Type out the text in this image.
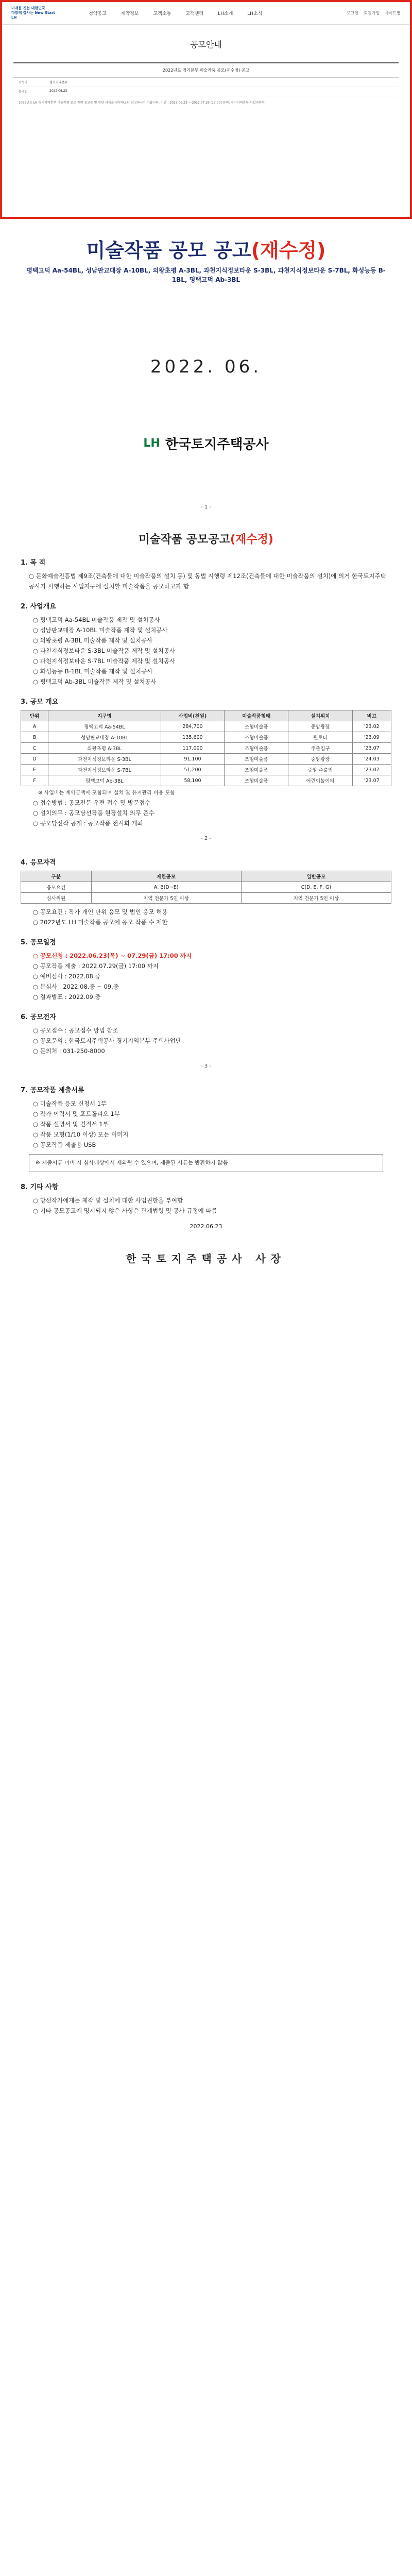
미래를 짓는 대한민국
다함께 잘사는 New Start LH
청약공고	계약정보	고객소통	고객센터	LH소개	LH소식	로그인 회원가입 사이트맵
공모안내
2022년도 경기본부 미술작품 공모(재수정) 공고
작성자	경기지역본부
등록일	2022.06.23
2022년도 LH 경기지역본부 미술작품 공모 관련 공고문 및 관련 서식을 첨부하오니 참고하시기 바랍니다. 기간 : 2022.06.23 ~ 2022.07.29 (17:00) 문의: 경기지역본부 사업지원부
미술작품 공모 공고(재수정)
평택고덕 Aa-54BL, 성남판교대장 A-10BL, 의왕초평 A-3BL, 과천지식정보타운 S-3BL, 과천지식정보타운 S-7BL, 화성능동 B-1BL, 평택고덕 Ab-3BL
2022. 06.
LH 한국토지주택공사
- 1 -
미술작품 공모공고(재수정)
1. 목 적
○ 문화예술진흥법 제9조(건축물에 대한 미술작품의 설치 등) 및 동법 시행령 제12조(건축물에 대한 미술작품의 설치)에 의거 한국토지주택공사가 시행하는 사업지구에 설치할 미술작품을 공모하고자 함
2. 사업개요
○ 평택고덕 Aa-54BL 미술작품 제작 및 설치공사
○ 성남판교대장 A-10BL 미술작품 제작 및 설치공사
○ 의왕초평 A-3BL 미술작품 제작 및 설치공사
○ 과천지식정보타운 S-3BL 미술작품 제작 및 설치공사
○ 과천지식정보타운 S-7BL 미술작품 제작 및 설치공사
○ 화성능동 B-1BL 미술작품 제작 및 설치공사
○ 평택고덕 Ab-3BL 미술작품 제작 및 설치공사
3. 공모 개요
단위	지구명	사업비(천원)	미술작품형태	설치위치	비고
A	평택고덕 Aa-54BL	284,700	조형미술품	중앙광장	'23.02
B	성남판교대장 A-10BL	135,600	조형미술품	필로티	'23.09
C	의왕초평 A-3BL	117,000	조형미술품	주출입구	'23.07
D	과천지식정보타운 S-3BL	91,100	조형미술품	중앙광장	'24.03
E	과천지식정보타운 S-7BL	51,200	조형미술품	중앙 주출입	'23.07
F	평택고덕 Ab-3BL	58,100	조형미술품	어린이놀이터	'23.07
※ 사업비는 계약금액에 포함되며 설치 및 유지관리 비용 포함
○ 접수방법 : 공모전문 우편 접수 및 방문접수
○ 설치의무 : 공모당선작품 현장설치 의무 준수
○ 공모당선작 공개 : 공모작품 전시회 개최
- 2 -
4. 응모자격
구분	제한공모	일반공모
응모요건	A, B(D~E)	C(D, E, F, G)
심사위원	지역 전문가 5인 이상	지역 전문가 5인 이상
○ 공모요건 : 작가 개인 단위 응모 및 법인 응모 허용
○ 2022년도 LH 미술작품 공모에 응모 작품 수 제한
5. 공모일정
○ 공모신청 : 2022.06.23(목) ~ 07.29(금) 17:00 까지
○ 공모작품 제출 : 2022.07.29(금) 17:00 까지
○ 예비심사 : 2022.08.중
○ 본심사 : 2022.08.중 ~ 09.중
○ 결과발표 : 2022.09.중
6. 공모전자
○ 공모접수 : 공모접수 방법 참조
○ 공모문의 : 한국토지주택공사 경기지역본부 주택사업단
○ 문의처 : 031-250-8000
- 3 -
7. 공모작품 제출서류
○ 미술작품 응모 신청서 1부
○ 작가 이력서 및 포트폴리오 1부
○ 작품 설명서 및 견적서 1부
○ 작품 모형(1/10 이상) 또는 이미지
○ 공모작품 제출용 USB
※ 제출서류 미비 시 심사대상에서 제외될 수 있으며, 제출된 서류는 반환하지 않음
8. 기타 사항
○ 당선작가에게는 제작 및 설치에 대한 사업권한을 부여함
○ 기타 공모공고에 명시되지 않은 사항은 관계법령 및 공사 규정에 따름
2022.06.23
한국토지주택공사 사장
